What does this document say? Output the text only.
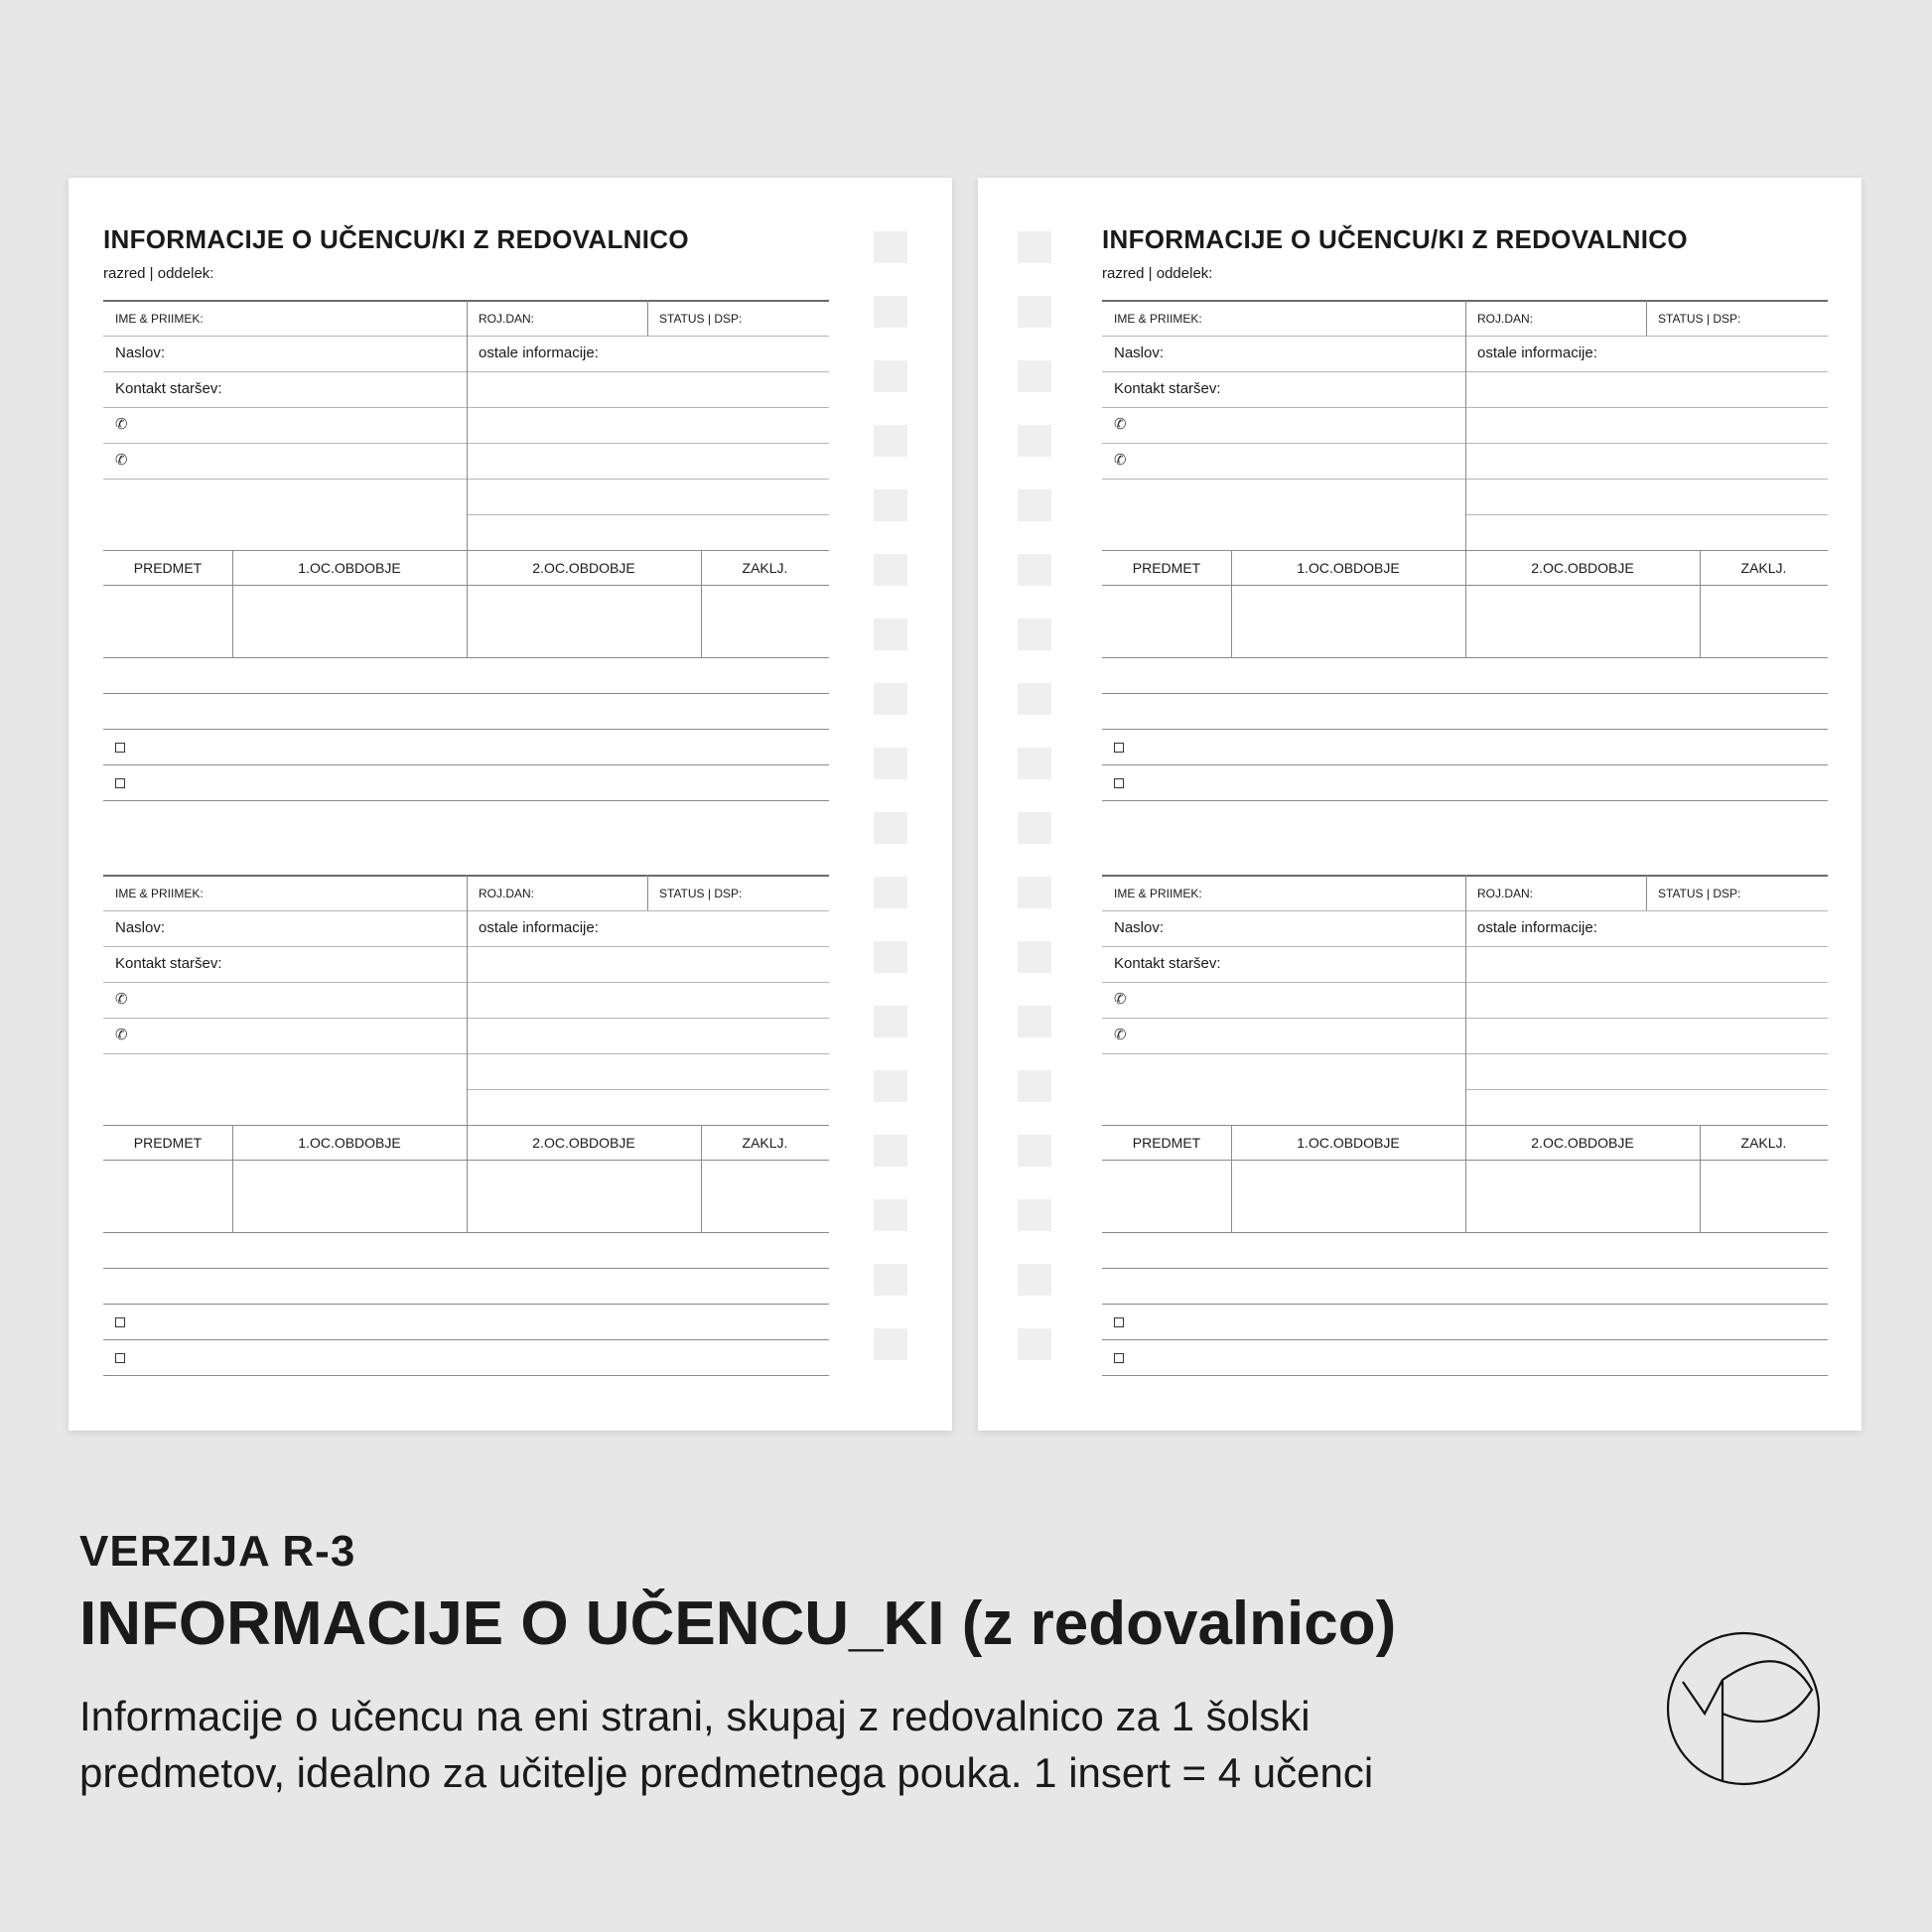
INFORMACIJE O UČENCU/KI Z REDOVALNICO
razred | oddelek:
IME & PRIIMEK:	ROJ.DAN:	STATUS | DSP:
Naslov:	ostale informacije:
Kontakt staršev:
✆
✆
PREDMET	1.OC.OBDOBJE	2.OC.OBDOBJE	ZAKLJ.
IME & PRIIMEK:	ROJ.DAN:	STATUS | DSP:
Naslov:	ostale informacije:
Kontakt staršev:
✆
✆
PREDMET	1.OC.OBDOBJE	2.OC.OBDOBJE	ZAKLJ.
INFORMACIJE O UČENCU/KI Z REDOVALNICO
razred | oddelek:
IME & PRIIMEK:	ROJ.DAN:	STATUS | DSP:
Naslov:	ostale informacije:
Kontakt staršev:
✆
✆
PREDMET	1.OC.OBDOBJE	2.OC.OBDOBJE	ZAKLJ.
IME & PRIIMEK:	ROJ.DAN:	STATUS | DSP:
Naslov:	ostale informacije:
Kontakt staršev:
✆
✆
PREDMET	1.OC.OBDOBJE	2.OC.OBDOBJE	ZAKLJ.
VERZIJA R-3
INFORMACIJE O UČENCU_KI (z redovalnico)
Informacije o učencu na eni strani, skupaj z redovalnico za 1 šolski
predmetov, idealno za učitelje predmetnega pouka. 1 insert = 4 učenci
